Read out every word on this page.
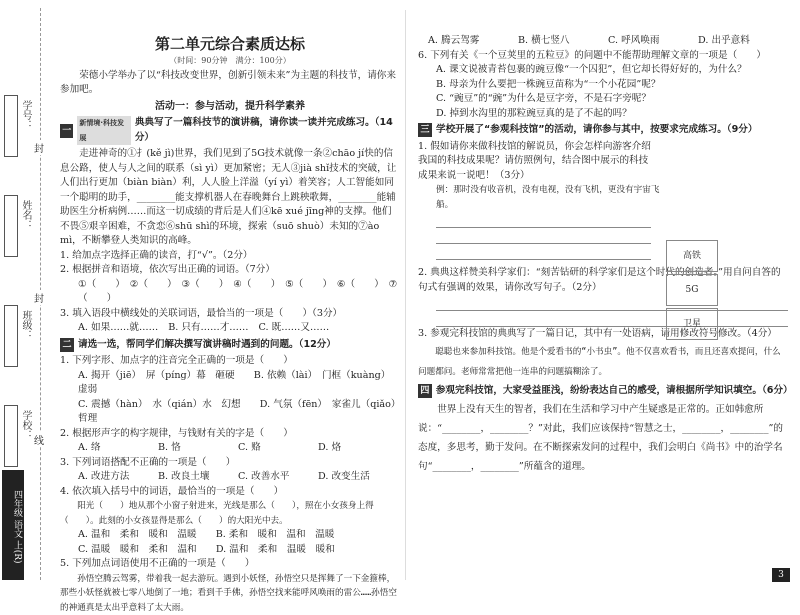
学号：
封
姓名：
封
班级：
学校：
线
四年级 语文 上(R)
第二单元综合素质达标

（时间：90分钟　满分：100分）

荣德小学举办了以“科技改变世界，创新引领未来”为主题的科技节，请你来参加吧。

活动一：参与活动，提升科学素养

一
新情境·科技发展
典典写了一篇科技节的演讲稿，请你读一读并完成练习。（14分）

走进神奇的①扌(kě jì)世界，我们见到了5G技术就像一条②chāo jí快的信息公路，使人与人之间的联系（sì yì）更加紧密；无人③jià shǐ技术的突破，让人们出行更加（biàn biàn）利，人人脸上洋溢（yí yì）着笑容；人工智能如同一个聪明的助手，________能支撑机器人在春晚舞台上跳秧歌舞，________能辅助医生分析病例……而这一切成绩的背后是人们④kē xué jīng神的支撑。他们不畏⑤艰辛困难，不贪恋⑥shū shì的环境，探索（suō shuò）未知的⑦ào mì，不断攀登人类知识的高峰。

1. 给加点字选择正确的读音，打“√”。（2分）

2. 根据拼音和语境，依次写出正确的词语。（7分）

①（　　）　②（　　）　③（　　）　④（　　）　⑤（　　）　⑥（　　）　⑦（　　）

3. 填入语段中横线处的关联词语，最恰当的一项是（　　）（3分）

A. 如果……就…… B. 只有……才…… C. 既……又……
二 请选一选，帮同学们解决撰写演讲稿时遇到的问题。（12分）

1. 下列字形、加点字的注音完全正确的一项是（　　）

A. 揭开（jiē）　屏（píng）幕　砸硬　　B. 依赖（lài）　门框（kuàng）　虚弱

C. 震撼（hàn）　水（qián）水　幻想　　D. 气氛（fēn）　家雀儿（qiǎo）　哲理

2. 根据形声字的构字规律，与钱财有关的字是（　　）

A. 络	B. 恪	C. 赂	D. 烙

3. 下列词语搭配不正确的一项是（　　）

A. 改进方法	B. 改良土壤	C. 改善水平	D. 改变生活

4. 依次填入括号中的词语，最恰当的一项是（　　）

阳光（　　）地从那个小窗子射进来，光线是那么（　　），照在小女孩身上得（　　）。此刻的小女孩显得是那么（　　）的大阳光中去。

A. 温和　柔和　暖和　温暖　　B. 柔和　暖和　温和　温暖

C. 温暖　暖和　柔和　温和　　D. 温和　柔和　温暖　暖和

5. 下列加点词语使用不正确的一项是（　　）

孙悟空腾云驾雾，带着我一起去游玩。遇到小妖怪，孙悟空只是挥舞了一下金箍棒，那些小妖怪就被七零八地倒了一地；看到千手佛，孙悟空找来能呼风唤雨的雷公……孙悟空的神通真是太出乎意料了太大雨。

A. 腾云驾雾	B. 横七竖八	C. 呼风唤雨	D. 出乎意料

6. 下列有关《一个豆荚里的五粒豆》的问题中不能帮助理解文章的一项是（　　）

A. 课文说被青苔包裹的豌豆像“一个囚犯”，但它却长得好好的，为什么？

B. 母亲为什么要把一株豌豆苗称为“一个小花园”呢？

C. “豌豆”的“豌”为什么是豆字旁，不是石字旁呢？

D. 掉到水沟里的那粒豌豆真的是了不起的吗？

三 学校开展了“参观科技馆”的活动，请你参与其中，按要求完成练习。（9分）

1. 假如请你来做科技馆的解说员，你会怎样向游客介绍我国的科技成果呢？请仿照例句，结合图中展示的科技成果来说一说吧！（3分）

例：那时没有收音机，没有电视，没有飞机，更没有宇宙飞船。

高铁
5G
卫星

2. 典典这样赞美科学家们：“刻苦钻研的科学家们是这个时代的创造者。”用自问自答的句式有强调的效果，请你改写句子。（2分）

3. 参观完科技馆的典典写了一篇日记，其中有一处语病，请用修改符号修改。（4分）

聪聪也来参加科技馆。他是个爱看书的“小书虫”。他不仅喜欢看书，而且还喜欢提问，什么问题都问。老师常常把他一连串的问题搞糊涂了。

四 参观完科技馆，大家受益匪浅，纷纷表达自己的感受，请根据所学知识填空。（6分）

世界上没有天生的智者，我们在生活和学习中产生疑惑是正常的。正如韩愈所说：“________，________？”对此，我们应该保持“智慧之士，________，________”的态度，多思考，勤于发问。在不断探索发问的过程中，我们会明白《尚书》中的治学名句“________，________”所蕴含的道理。

3
